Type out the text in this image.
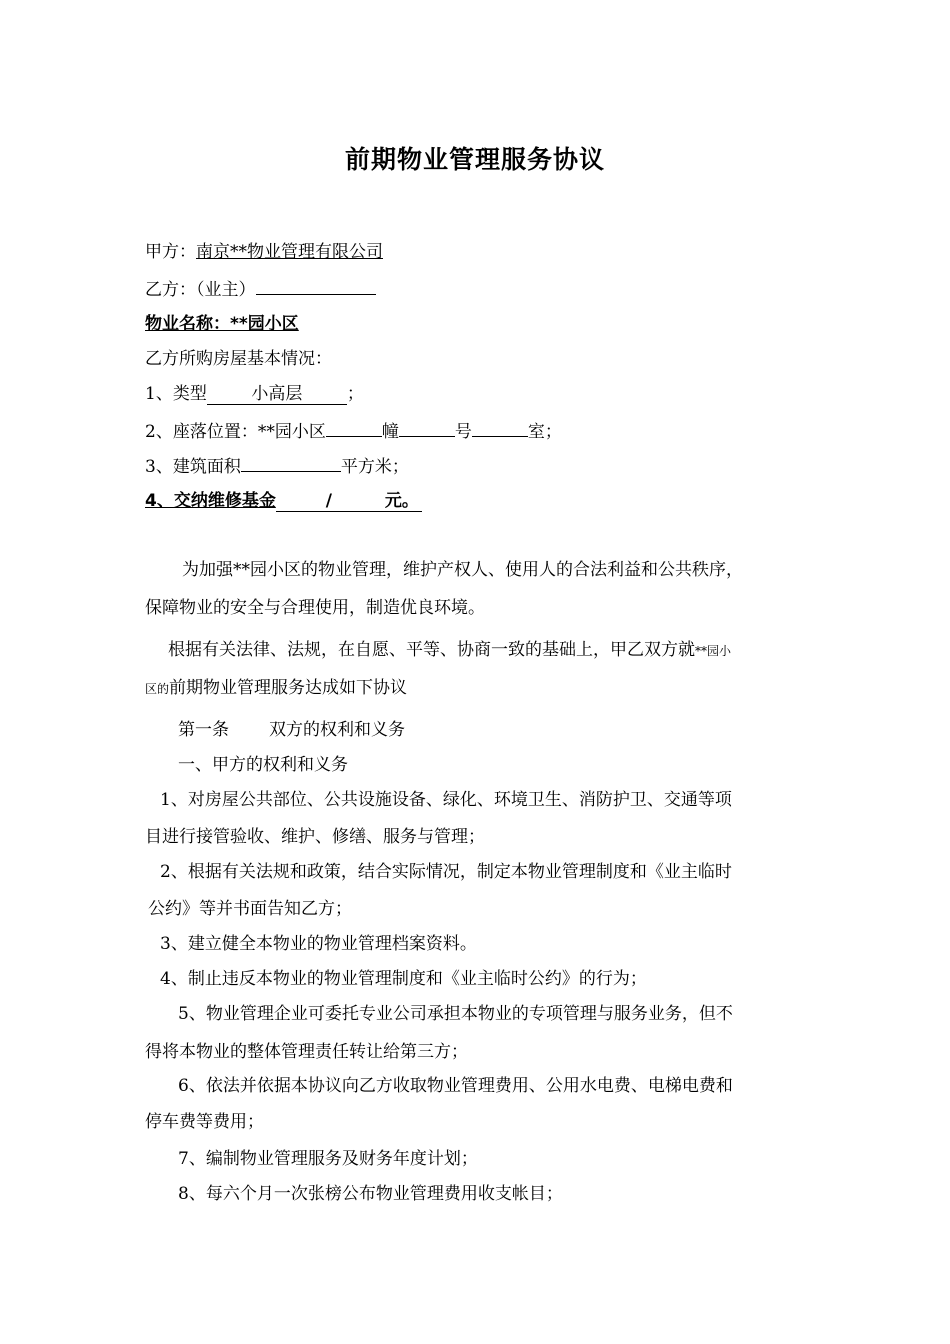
前期物业管理服务协议
甲方：南京**物业管理有限公司
乙方：（业主）
物业名称：**园小区
乙方所购房屋基本情况：
1、类型	小高层	；
2、座落位置：**园小区	幢	号	室；
3、建筑面积	平方米；
4、交纳维修基金	/	元。
为加强**园小区的物业管理，维护产权人、使用人的合法利益和公共秩序，
保障物业的安全与合理使用，制造优良环境。
根据有关法律、法规，在自愿、平等、协商一致的基础上，甲乙双方就**园小
区的前期物业管理服务达成如下协议
第一条 双方的权利和义务
一、甲方的权利和义务
1、对房屋公共部位、公共设施设备、绿化、环境卫生、消防护卫、交通等项
目进行接管验收、维护、修缮、服务与管理；
2、根据有关法规和政策，结合实际情况，制定本物业管理制度和《业主临时
公约》等并书面告知乙方；
3、建立健全本物业的物业管理档案资料。
4、制止违反本物业的物业管理制度和《业主临时公约》的行为；
5、物业管理企业可委托专业公司承担本物业的专项管理与服务业务，但不
得将本物业的整体管理责任转让给第三方；
6、依法并依据本协议向乙方收取物业管理费用、公用水电费、电梯电费和
停车费等费用；
7、编制物业管理服务及财务年度计划；
8、每六个月一次张榜公布物业管理费用收支帐目；
